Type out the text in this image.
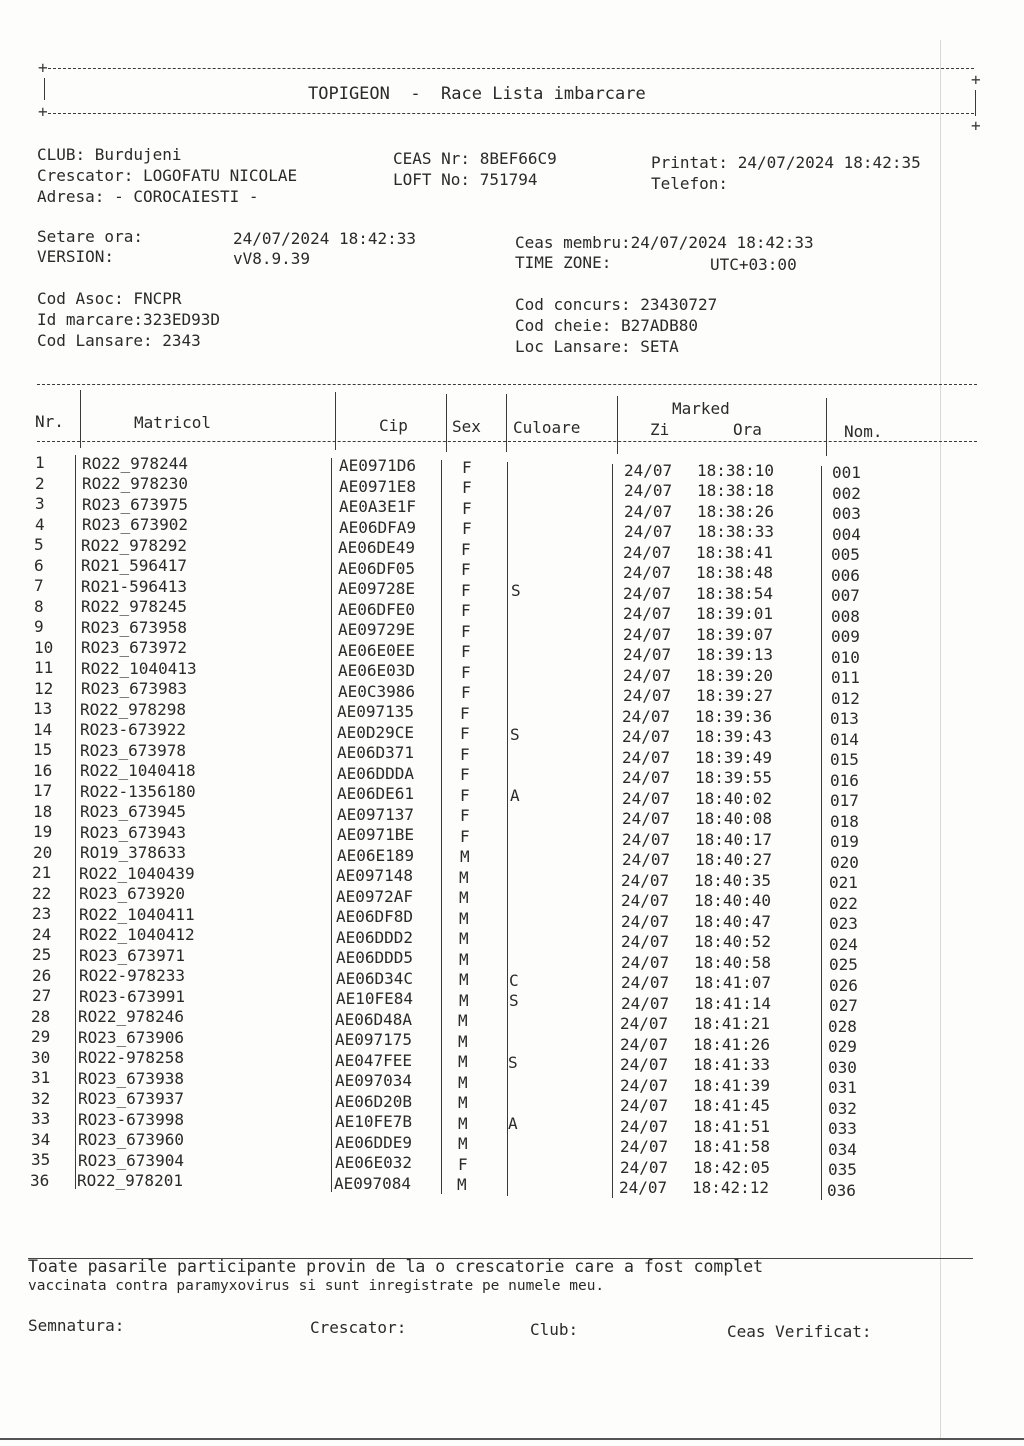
+
+
TOPIGEON  -  Race Lista imbarcare
+
+
CLUB: Burdujeni
Crescator: LOGOFATU NICOLAE
Adresa: - COROCAIESTI -
CEAS Nr: 8BEF66C9
LOFT No: 751794
Printat: 24/07/2024 18:42:35
Telefon:
Setare ora:	24/07/2024 18:42:33
VERSION:	vV8.9.39
Ceas membru:24/07/2024 18:42:33
TIME ZONE:	UTC+03:00
Cod Asoc: FNCPR
Id marcare:323ED93D
Cod Lansare: 2343
Cod concurs: 23430727
Cod cheie: B27ADB80
Loc Lansare: SETA
Nr.	Matricol	Cip	Sex Culoare
Marked
Zi	Ora	Nom.
1 RO22_978244	AE0971D6	F	24/07 18:38:10	001
2 RO22_978230	AE0971E8	F	24/07 18:38:18	002
3 RO23_673975	AE0A3E1F	F	24/07 18:38:26	003
4 RO23_673902	AE06DFA9	F	24/07 18:38:33	004
5 RO22_978292	AE06DE49	F	24/07 18:38:41	005
6 RO21_596417	AE06DF05	F	24/07 18:38:48	006
7 RO21-596413	AE09728E	F	S	24/07 18:38:54	007
8 RO22_978245	AE06DFE0	F	24/07 18:39:01	008
9 RO23_673958	AE09729E	F	24/07 18:39:07	009
10 RO23_673972	AE06E0EE	F	24/07 18:39:13	010
11 RO22_1040413	AE06E03D	F	24/07 18:39:20	011
12 RO23_673983	AE0C3986	F	24/07 18:39:27	012
13 RO22_978298	AE097135	F	24/07 18:39:36	013
14 RO23-673922	AE0D29CE	F	S	24/07 18:39:43	014
15 RO23_673978	AE06D371	F	24/07 18:39:49	015
16 RO22_1040418	AE06DDDA	F	24/07 18:39:55	016
17 RO22-1356180	AE06DE61	F	A	24/07 18:40:02	017
18 RO23_673945	AE097137	F	24/07 18:40:08	018
19 RO23_673943	AE0971BE	F	24/07 18:40:17	019
20 RO19_378633	AE06E189	M	24/07 18:40:27	020
21 RO22_1040439	AE097148	M	24/07 18:40:35	021
22 RO23_673920	AE0972AF	M	24/07 18:40:40	022
23 RO22_1040411	AE06DF8D	M	24/07 18:40:47	023
24 RO22_1040412	AE06DDD2	M	24/07 18:40:52	024
25 RO23_673971	AE06DDD5	M	24/07 18:40:58	025
26 RO22-978233	AE06D34C	M	C	24/07 18:41:07	026
27 RO23-673991	AE10FE84	M	S	24/07 18:41:14	027
28 RO22_978246	AE06D48A	M	24/07 18:41:21	028
29 RO23_673906	AE097175	M	24/07 18:41:26	029
30 RO22-978258	AE047FEE	M	S	24/07 18:41:33	030
31 RO23_673938	AE097034	M	24/07 18:41:39	031
32 RO23_673937	AE06D20B	M	24/07 18:41:45	032
33 RO23-673998	AE10FE7B	M	A	24/07 18:41:51	033
34 RO23_673960	AE06DDE9	M	24/07 18:41:58	034
35 RO23_673904	AE06E032	F	24/07 18:42:05	035
36 RO22_978201	AE097084	M	24/07 18:42:12	036
Toate pasarile participante provin de la o crescatorie care a fost complet
vaccinata contra paramyxovirus si sunt inregistrate pe numele meu.
Semnatura:	Crescator:	Club:	Ceas Verificat:
